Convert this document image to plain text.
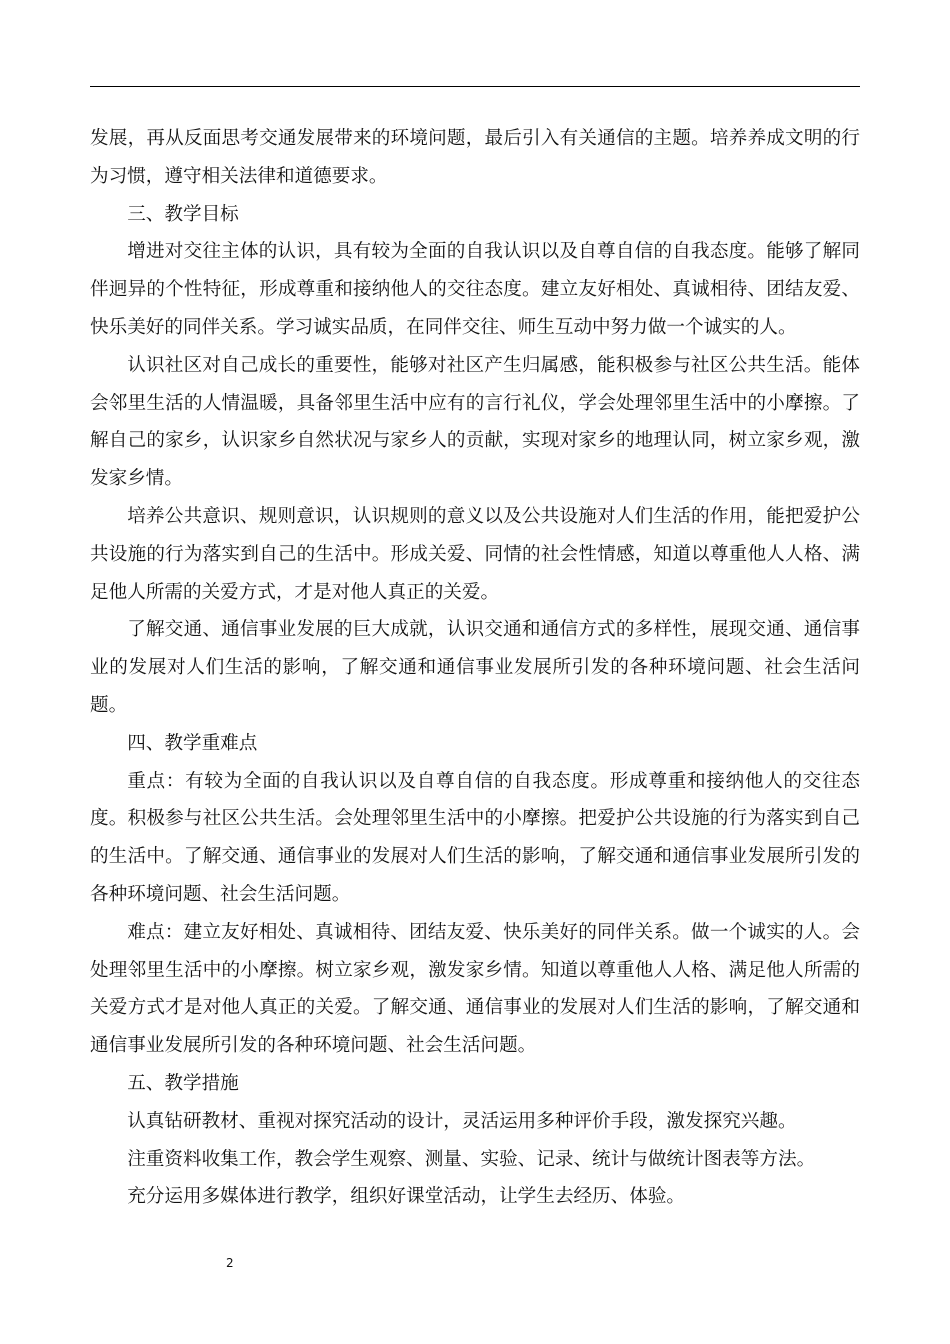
发展，再从反面思考交通发展带来的环境问题，最后引入有关通信的主题。培养养成文明的行为习惯，遵守相关法律和道德要求。

三、教学目标

增进对交往主体的认识，具有较为全面的自我认识以及自尊自信的自我态度。能够了解同伴迥异的个性特征，形成尊重和接纳他人的交往态度。建立友好相处、真诚相待、团结友爱、快乐美好的同伴关系。学习诚实品质，在同伴交往、师生互动中努力做一个诚实的人。

认识社区对自己成长的重要性，能够对社区产生归属感，能积极参与社区公共生活。能体会邻里生活的人情温暖，具备邻里生活中应有的言行礼仪，学会处理邻里生活中的小摩擦。了解自己的家乡，认识家乡自然状况与家乡人的贡献，实现对家乡的地理认同，树立家乡观，激发家乡情。

培养公共意识、规则意识，认识规则的意义以及公共设施对人们生活的作用，能把爱护公共设施的行为落实到自己的生活中。形成关爱、同情的社会性情感，知道以尊重他人人格、满足他人所需的关爱方式，才是对他人真正的关爱。

了解交通、通信事业发展的巨大成就，认识交通和通信方式的多样性，展现交通、通信事业的发展对人们生活的影响，了解交通和通信事业发展所引发的各种环境问题、社会生活问题。

四、教学重难点

重点：有较为全面的自我认识以及自尊自信的自我态度。形成尊重和接纳他人的交往态度。积极参与社区公共生活。会处理邻里生活中的小摩擦。把爱护公共设施的行为落实到自己的生活中。了解交通、通信事业的发展对人们生活的影响，了解交通和通信事业发展所引发的各种环境问题、社会生活问题。

难点：建立友好相处、真诚相待、团结友爱、快乐美好的同伴关系。做一个诚实的人。会处理邻里生活中的小摩擦。树立家乡观，激发家乡情。知道以尊重他人人格、满足他人所需的关爱方式才是对他人真正的关爱。了解交通、通信事业的发展对人们生活的影响，了解交通和通信事业发展所引发的各种环境问题、社会生活问题。

五、教学措施

认真钻研教材、重视对探究活动的设计，灵活运用多种评价手段，激发探究兴趣。

注重资料收集工作，教会学生观察、测量、实验、记录、统计与做统计图表等方法。

充分运用多媒体进行教学，组织好课堂活动，让学生去经历、体验。

2
